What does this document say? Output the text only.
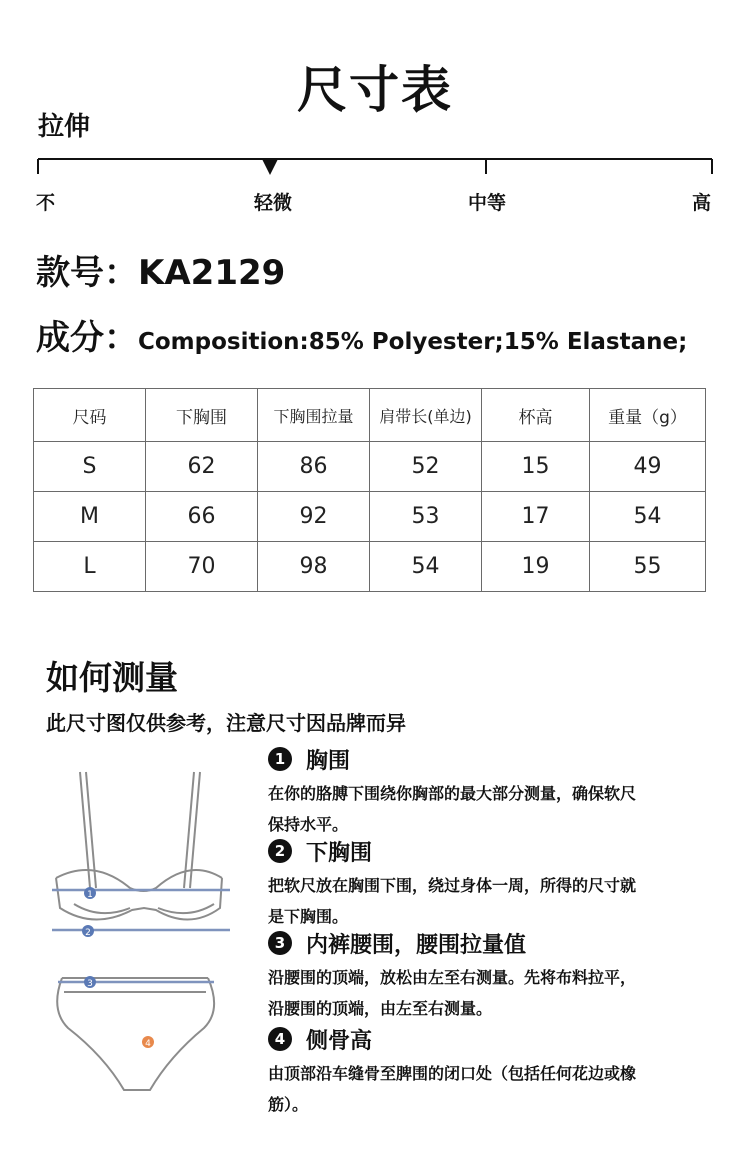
尺寸表
拉伸
不	轻微	中等	高
款号：KA2129
成分：Composition:85% Polyester;15% Elastane;
尺码	下胸围	下胸围拉量	肩带长(单边)	杯高	重量（g）
S	62	86	52	15	49
M	66	92	53	17	54
L	70	98	54	19	55
如何测量
此尺寸图仅供参考，注意尺寸因品牌而异
1
2
3
4
1 胸围
在你的胳膊下围绕你胸部的最大部分测量，确保软尺
保持水平。
2 下胸围
把软尺放在胸围下围，绕过身体一周，所得的尺寸就
是下胸围。
3 内裤腰围，腰围拉量值
沿腰围的顶端，放松由左至右测量。先将布料拉平，
沿腰围的顶端，由左至右测量。
4 侧骨高
由顶部沿车缝骨至脾围的闭口处（包括任何花边或橡
筋）。
